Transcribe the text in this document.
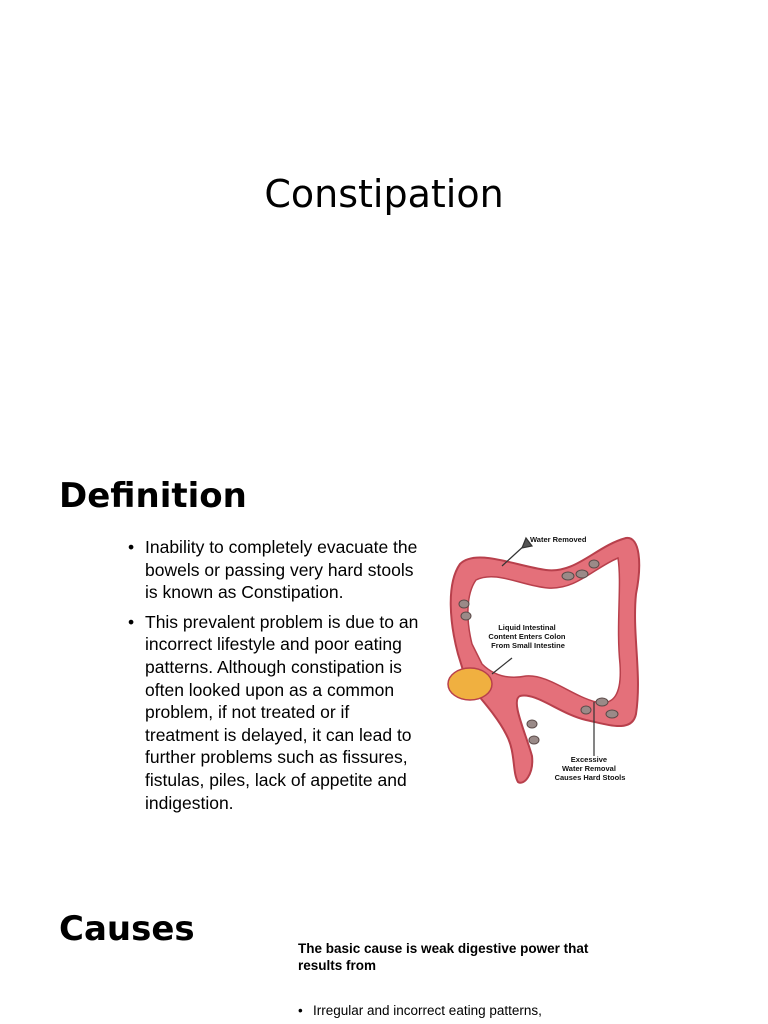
Constipation
Definition
• Inability to completely evacuate the bowels or passing very hard stools is known as Constipation.
• This prevalent problem is due to an incorrect lifestyle and poor eating patterns. Although constipation is often looked upon as a common problem, if not treated or if treatment is delayed, it can lead to further problems such as fissures, fistulas, piles, lack of appetite and indigestion.
Water Removed
Liquid Intestinal Content Enters Colon From Small Intestine
Excessive Water Removal Causes Hard Stools
Causes	The basic cause is weak digestive power that results from
• Irregular and incorrect eating patterns,
